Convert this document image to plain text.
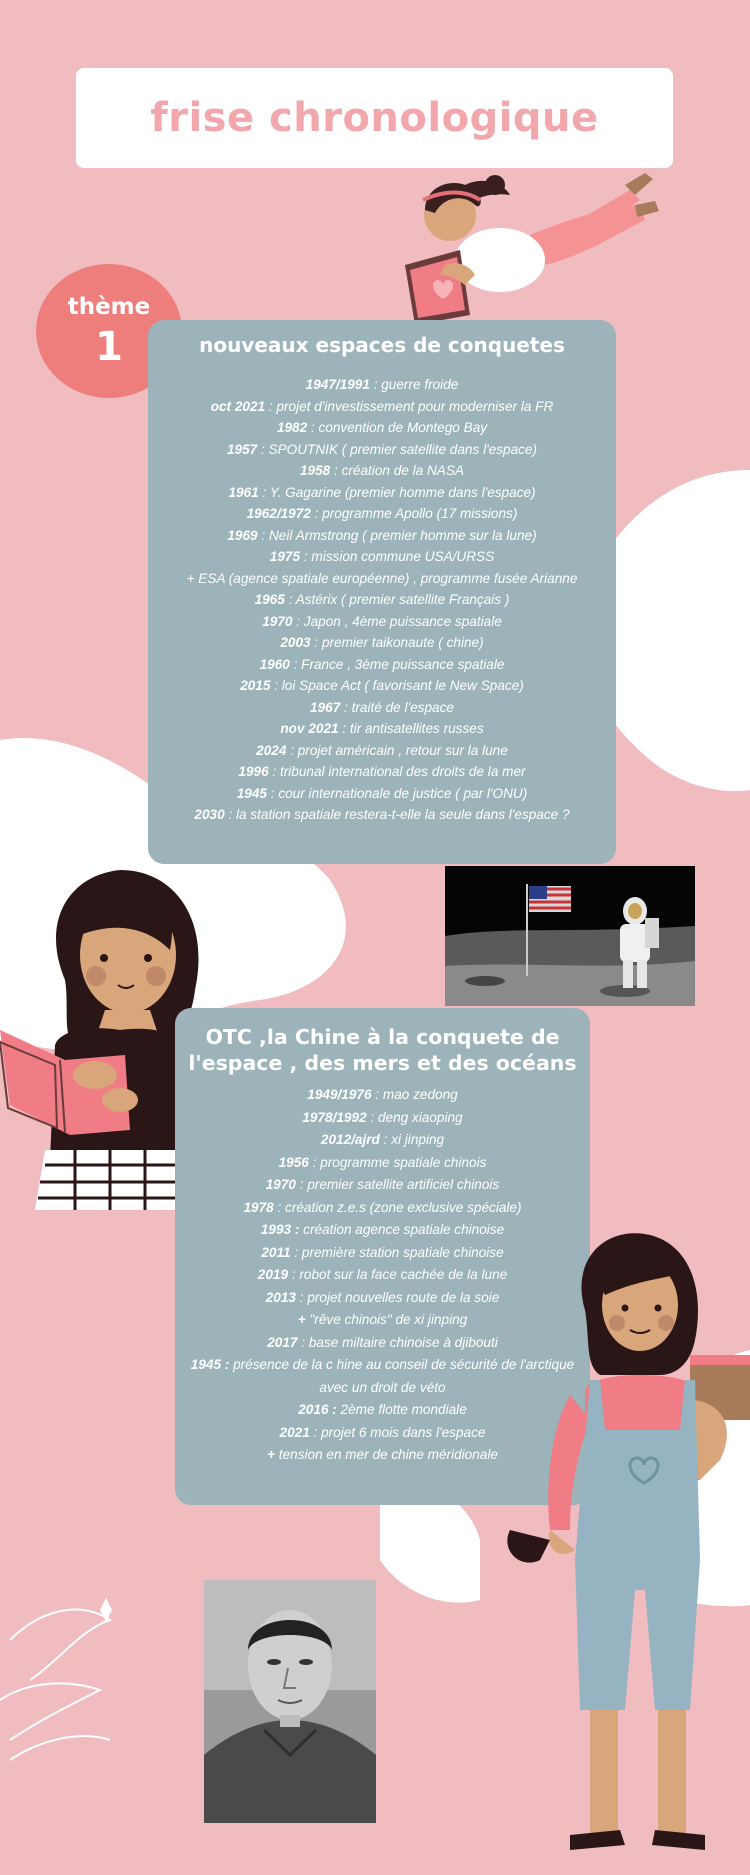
frise chronologique
thème
1	nouveaux espaces de conquetes
1947/1991 : guerre froide
oct 2021 : projet d'investissement pour moderniser la FR
1982 : convention de Montego Bay
1957 : SPOUTNIK ( premier satellite dans l'espace)
1958 : création de la NASA
1961 : Y. Gagarine (premier homme dans l'espace)
1962/1972 : programme Apollo (17 missions)
1969 : Neil Armstrong ( premier homme sur la lune)
1975 : mission commune USA/URSS
+ ESA (agence spatiale européenne) , programme fusée Arianne
1965 : Astérix ( premier satellite Français )
1970 : Japon , 4ème puissance spatiale
2003 : premier taikonaute ( chine)
1960 : France , 3ème puissance spatiale
2015 : loi Space Act ( favorisant le New Space)
1967 : traité de l'espace
nov 2021 : tir antisatellites russes
2024 : projet américain , retour sur la lune
1996 : tribunal international des droits de la mer
1945 : cour internationale de justice ( par l'ONU)
2030 : la station spatiale restera-t-elle la seule dans l'espace ?
OTC ,la Chine à la conquete de l'espace , des mers et des océans
1949/1976 : mao zedong
1978/1992 : deng xiaoping
2012/ajrd : xi jinping
1956 : programme spatiale chinois
1970 : premier satellite artificiel chinois
1978 : création z.e.s (zone exclusive spéciale)
1993 : création agence spatiale chinoise
2011 : première station spatiale chinoise
2019 : robot sur la face cachée de la lune
2013 : projet nouvelles route de la soie
+ "rêve chinois" de xi jinping
2017 : base miltaire chinoise à djibouti
1945 : présence de la c hine au conseil de sécurité de l'arctique avec un droit de véto
2016 : 2ème flotte mondiale
2021 : projet 6 mois dans l'espace
+ tension en mer de chine méridionale
